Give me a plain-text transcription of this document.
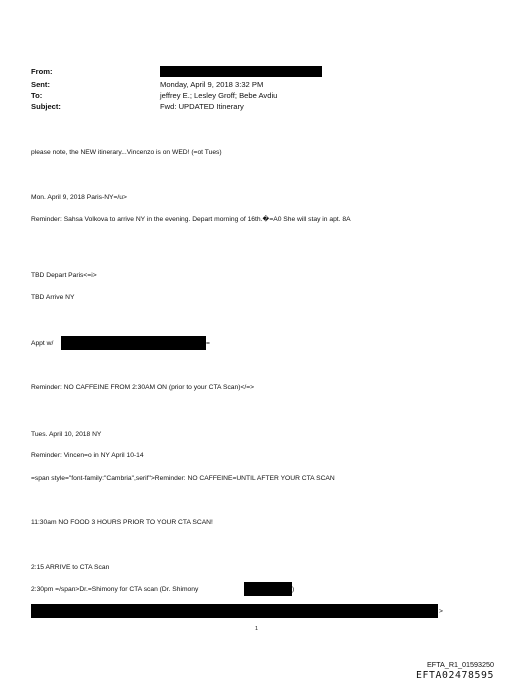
From:
Sent:	Monday, April 9, 2018 3:32 PM
To:	jeffrey E.; Lesley Groff; Bebe Avdiu
Subject:	Fwd: UPDATED Itinerary
please note, the NEW itinerary...Vincenzo is on WED! (=ot Tues)
Mon. April 9, 2018 Paris-NY=/u>
Reminder: Sahsa Volkova to arrive NY in the evening. Depart morning of 16th.�=A0 She will stay in apt. 8A
TBD Depart Paris<=i>
TBD Arrive NY
Appt w/	=
Reminder: NO CAFFEINE FROM 2:30AM ON (prior to your CTA Scan)</=>
Tues. April 10, 2018 NY
Reminder: Vincen=o in NY April 10-14
=span style="font-family:"Cambria",serif">Reminder: NO CAFFEINE=UNTIL AFTER YOUR CTA SCAN
11:30am NO FOOD 3 HOURS PRIOR TO YOUR CTA SCAN!
2:15 ARRIVE to CTA Scan
2:30pm =/span>Dr.=Shimony for CTA scan (Dr. Shimony	)
>
1
EFTA_R1_01593250
EFTA02478595
